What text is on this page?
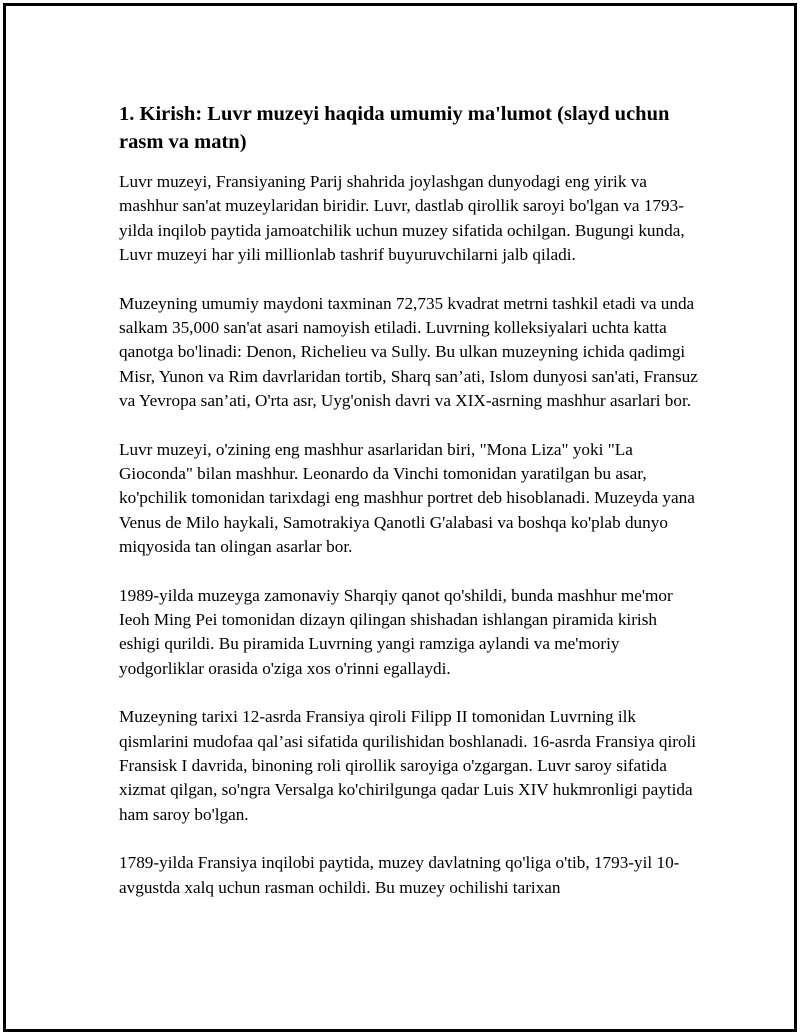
1. Kirish: Luvr muzeyi haqida umumiy ma'lumot (slayd uchun rasm va matn)

Luvr muzeyi, Fransiyaning Parij shahrida joylashgan dunyodagi eng yirik va mashhur san'at muzeylaridan biridir. Luvr, dastlab qirollik saroyi bo'lgan va 1793-yilda inqilob paytida jamoatchilik uchun muzey sifatida ochilgan. Bugungi kunda, Luvr muzeyi har yili millionlab tashrif buyuruvchilarni jalb qiladi.

Muzeyning umumiy maydoni taxminan 72,735 kvadrat metrni tashkil etadi va unda salkam 35,000 san'at asari namoyish etiladi. Luvrning kolleksiyalari uchta katta qanotga bo'linadi: Denon, Richelieu va Sully. Bu ulkan muzeyning ichida qadimgi Misr, Yunon va Rim davrlaridan tortib, Sharq san’ati, Islom dunyosi san'ati, Fransuz va Yevropa san’ati, O'rta asr, Uyg'onish davri va XIX-asrning mashhur asarlari bor.

Luvr muzeyi, o'zining eng mashhur asarlaridan biri, "Mona Liza" yoki "La Gioconda" bilan mashhur. Leonardo da Vinchi tomonidan yaratilgan bu asar, ko'pchilik tomonidan tarixdagi eng mashhur portret deb hisoblanadi. Muzeyda yana Venus de Milo haykali, Samotrakiya Qanotli G'alabasi va boshqa ko'plab dunyo miqyosida tan olingan asarlar bor.

1989-yilda muzeyga zamonaviy Sharqiy qanot qo'shildi, bunda mashhur me'mor Ieoh Ming Pei tomonidan dizayn qilingan shishadan ishlangan piramida kirish eshigi qurildi. Bu piramida Luvrning yangi ramziga aylandi va me'moriy yodgorliklar orasida o'ziga xos o'rinni egallaydi.

Muzeyning tarixi 12-asrda Fransiya qiroli Filipp II tomonidan Luvrning ilk qismlarini mudofaa qal’asi sifatida qurilishidan boshlanadi. 16-asrda Fransiya qiroli Fransisk I davrida, binoning roli qirollik saroyiga o'zgargan. Luvr saroy sifatida xizmat qilgan, so'ngra Versalga ko'chirilgunga qadar Luis XIV hukmronligi paytida ham saroy bo'lgan.

1789-yilda Fransiya inqilobi paytida, muzey davlatning qo'liga o'tib, 1793-yil 10-avgustda xalq uchun rasman ochildi. Bu muzey ochilishi tarixan
